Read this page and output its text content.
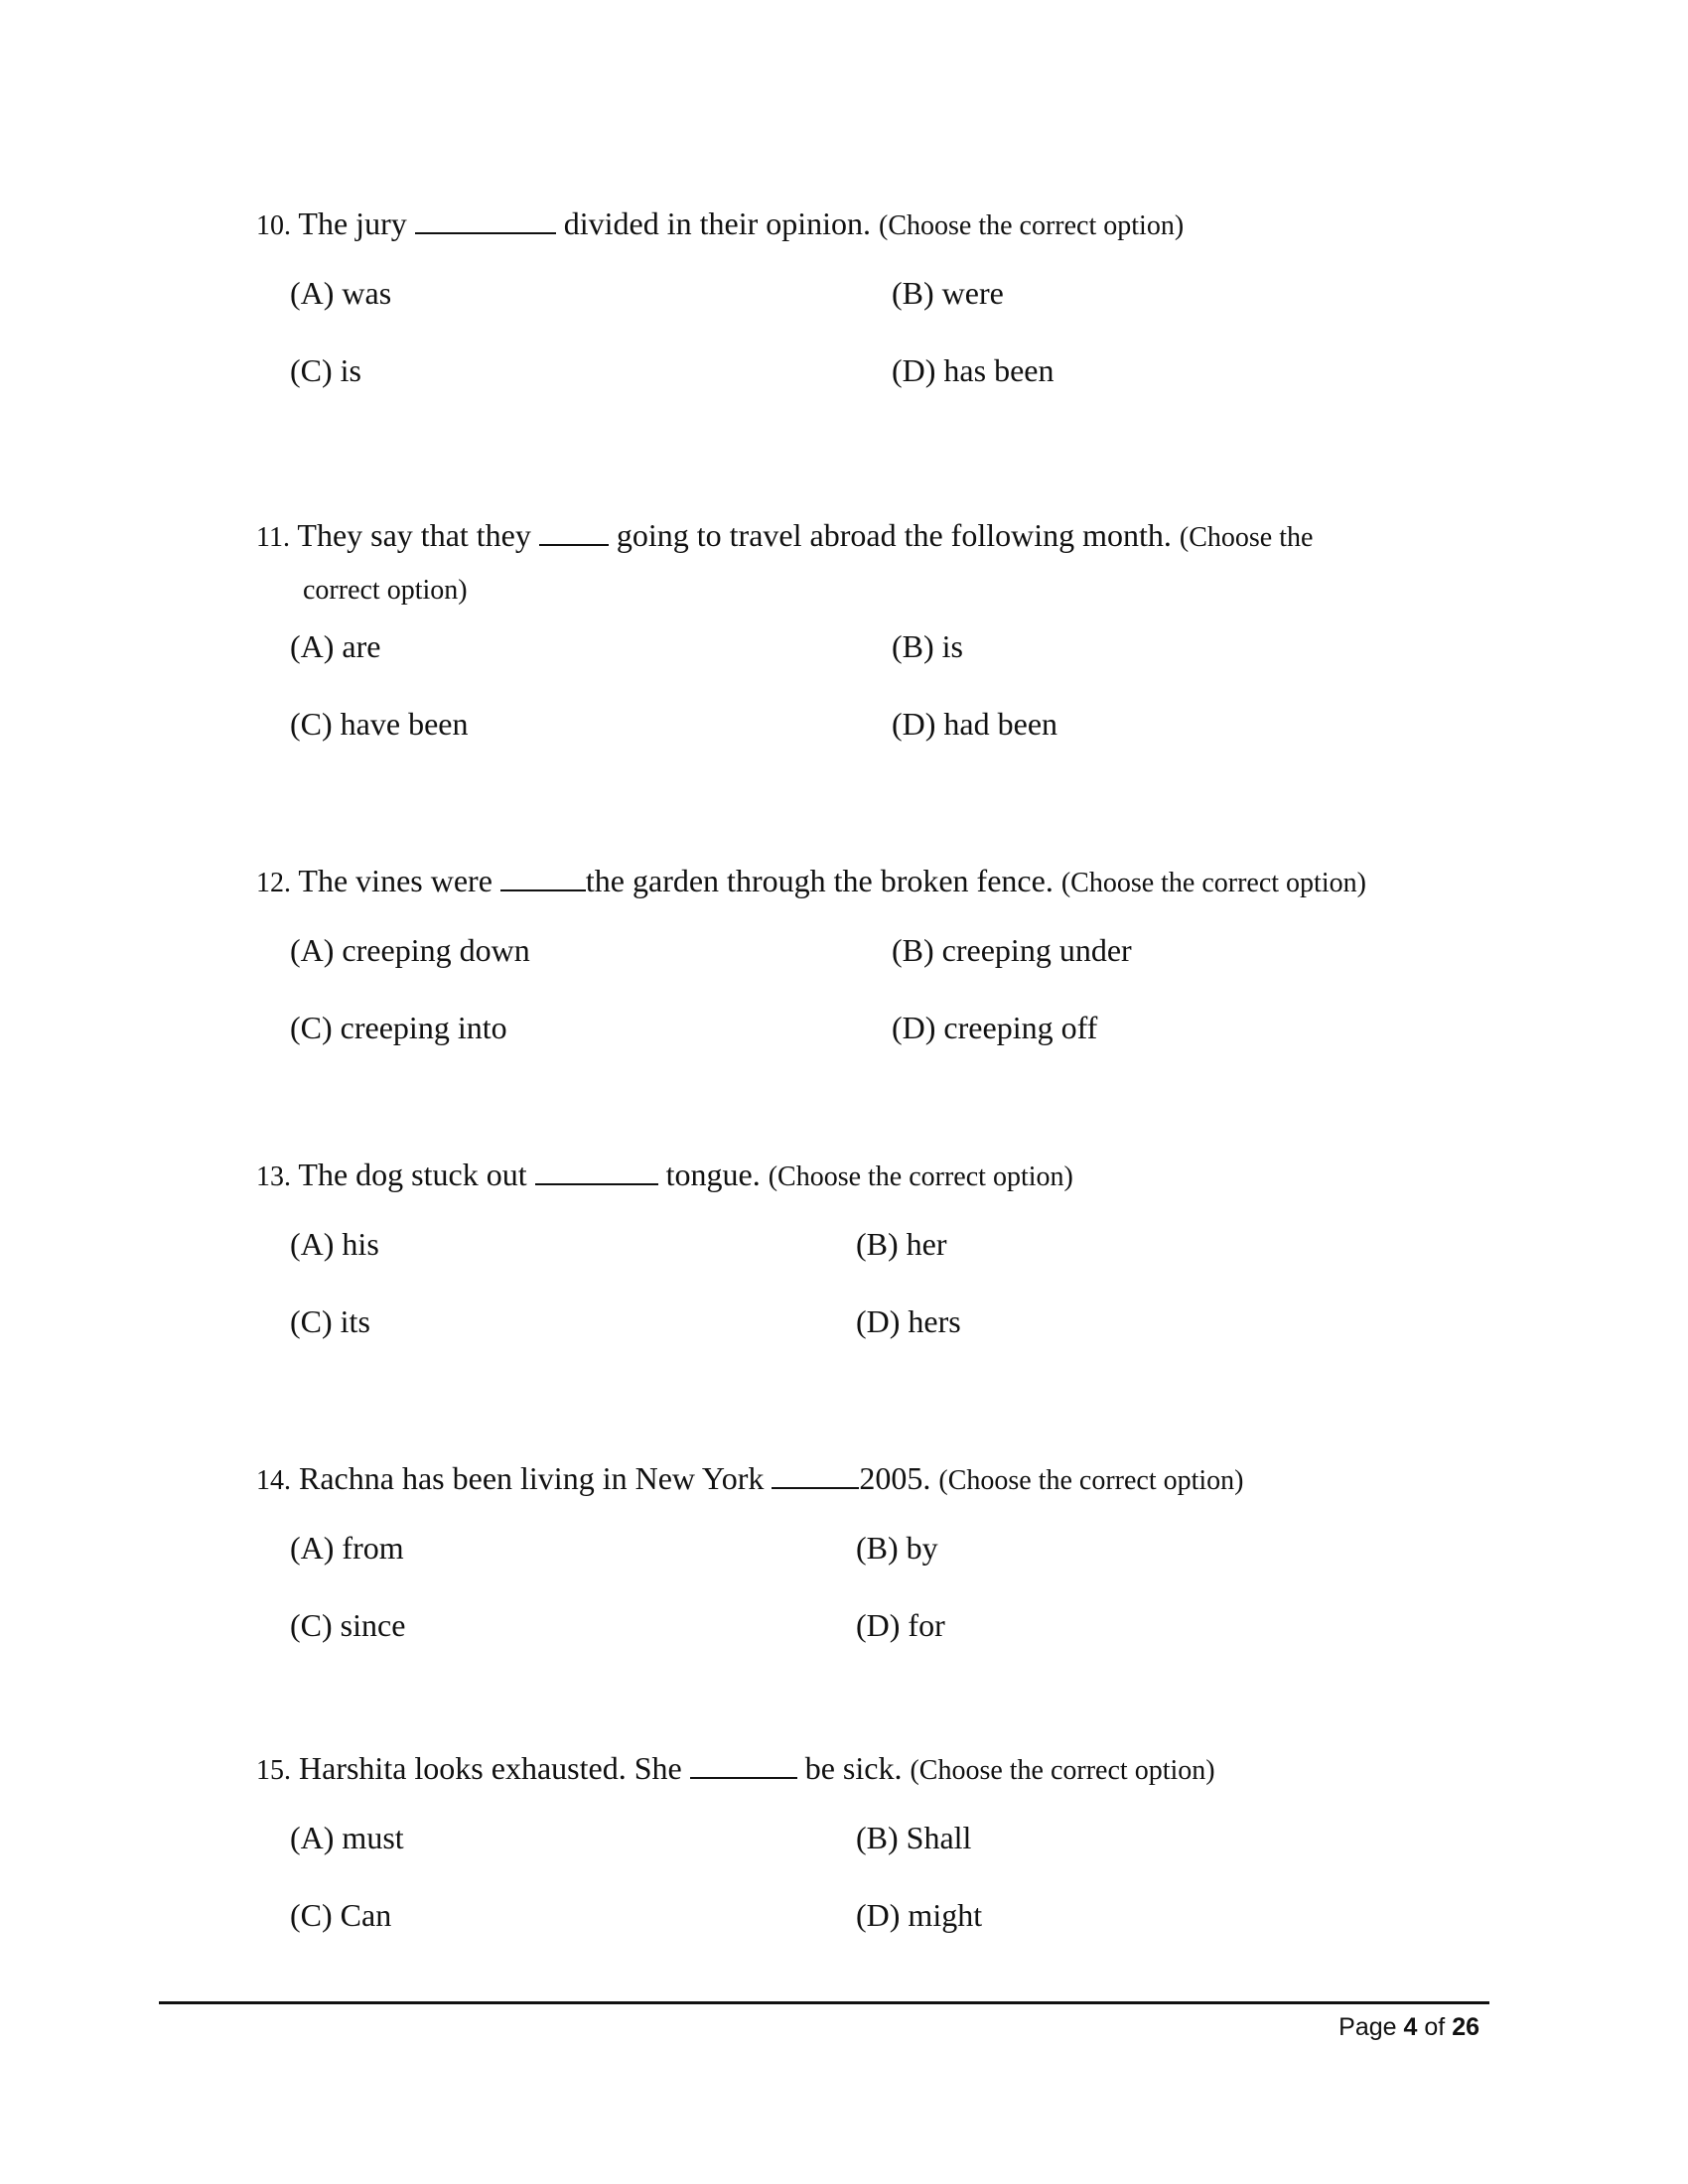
10. The jury	divided in their opinion. (Choose the correct option)
(A) was	(B) were
(C) is	(D) has been
11. They say that they	going to travel abroad the following month. (Choose the
correct option)
(A) are	(B) is
(C) have been	(D) had been
12. The vines were	the garden through the broken fence. (Choose the correct option)
(A) creeping down	(B) creeping under
(C) creeping into	(D) creeping off
13. The dog stuck out	tongue. (Choose the correct option)
(A) his	(B) her
(C) its	(D) hers
14. Rachna has been living in New York	2005. (Choose the correct option)
(A) from	(B) by
(C) since	(D) for
15. Harshita looks exhausted. She	be sick. (Choose the correct option)
(A) must	(B) Shall
(C) Can	(D) might
Page 4 of 26
